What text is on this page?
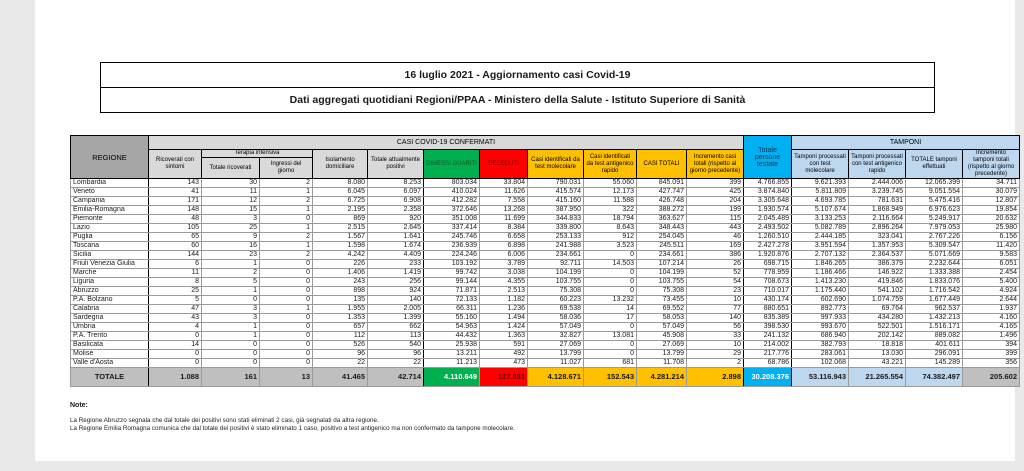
16 luglio 2021 - Aggiornamento casi Covid-19
Dati aggregati quotidiani Regioni/PPAA - Ministero della Salute - Istituto Superiore di Sanità
REGIONE	CASI COVID-19 CONFERMATI											Totale persone testate	TAMPONI			
	Ricoverati con sintomi	Terapia intensiva		Isolamento domiciliare	Totale attualmente positivi	DIMESSI GUARITI	DECEDUTI	Casi identificati da test molecolare	Casi identificati da test antigenico rapido	CASI TOTALI	Incremento casi totali (rispetto al giorno precedente)		Tamponi processati con test molecolare	Tamponi processati con test antigenico rapido	TOTALE tamponi effettuati	Incremento tamponi totali (rispetto al giorno precedente)
		Totale ricoverati	Ingressi del giorno													
Lombardia	143	30	2	8.080	8.253	803.034	33.804	790.031	55.060	845.091	399	4.766.855	9.621.393	2.444.006	12.065.399	34.711
Veneto	41	11	1	6.045	6.097	410.024	11.626	415.574	12.173	427.747	425	3.874.840	5.811.809	3.239.745	9.051.554	30.079
Campania	171	12	2	6.725	6.908	412.282	7.558	415.160	11.588	426.748	204	3.305.648	4.693.785	781.631	5.475.416	12.807
Emilia-Romagna	148	15	1	2.195	2.358	372.646	13.268	387.950	322	388.272	199	1.930.574	5.107.674	1.868.949	6.976.623	19.854
Piemonte	48	3	0	869	920	351.008	11.699	344.833	18.794	363.627	115	2.045.489	3.133.253	2.116.664	5.249.917	20.632
Lazio	105	25	1	2.515	2.645	337.414	8.384	339.800	8.643	348.443	443	2.493.502	5.082.789	2.896.264	7.979.053	25.980
Puglia	65	9	2	1.567	1.641	245.746	6.658	253.133	912	254.045	46	1.260.510	2.444.185	323.041	2.767.226	6.156
Toscana	60	16	1	1.598	1.674	236.939	6.898	241.988	3.523	245.511	169	2.427.278	3.951.594	1.357.953	5.309.547	11.420
Sicilia	144	23	2	4.242	4.409	224.246	6.006	234.661	0	234.661	386	1.920.876	2.707.132	2.364.537	5.071.669	9.583
Friuli Venezia Giulia	6	1	0	226	233	103.192	3.789	92.711	14.503	107.214	26	698.715	1.846.265	386.379	2.232.644	6.051
Marche	11	2	0	1.406	1.419	99.742	3.038	104.199	0	104.199	52	778.959	1.186.466	146.922	1.333.388	2.454
Liguria	8	5	0	243	256	99.144	4.355	103.755	0	103.755	54	708.673	1.413.230	419.846	1.833.076	5.400
Abruzzo	25	1	0	898	924	71.871	2.513	75.308	0	75.308	23	710.017	1.175.440	541.102	1.716.542	4.924
P.A. Bolzano	5	0	0	135	140	72.133	1.182	60.223	13.232	73.455	10	430.174	602.690	1.074.759	1.677.449	2.644
Calabria	47	3	1	1.955	2.005	66.311	1.236	69.538	14	69.552	77	880.651	892.773	69.764	962.537	1.937
Sardegna	43	3	0	1.353	1.399	55.160	1.494	58.036	17	58.053	140	835.389	997.933	434.280	1.432.213	4.160
Umbria	4	1	0	657	662	54.963	1.424	57.049	0	57.049	56	398.530	993.670	522.501	1.516.171	4.165
P.A. Trento	0	1	0	112	113	44.432	1.363	32.827	13.081	45.908	33	241.132	686.940	202.142	889.082	1.496
Basilicata	14	0	0	526	540	25.938	591	27.069	0	27.069	10	214.002	382.793	18.818	401.611	394
Molise	0	0	0	96	96	13.211	492	13.799	0	13.799	29	217.776	283.061	13.030	296.091	399
Valle d'Aosta	0	0	0	22	22	11.213	473	11.027	681	11.708	2	68.786	102.068	43.221	145.289	356
TOTALE	1.088	161	13	41.465	42.714	4.110.649	127.851	4.128.671	152.543	4.281.214	2.898	30.208.376	53.116.943	21.265.554	74.382.497	205.602
Note:
La Regione Abruzzo segnala che dal totale dei positivi sono stati eliminati 2 casi, già segnalati da altra regione.
La Regione Emilia Romagna comunica che dal totale dei positivi è stato eliminato 1 caso, positivo a test antigenico ma non confermato da tampone molecolare.
